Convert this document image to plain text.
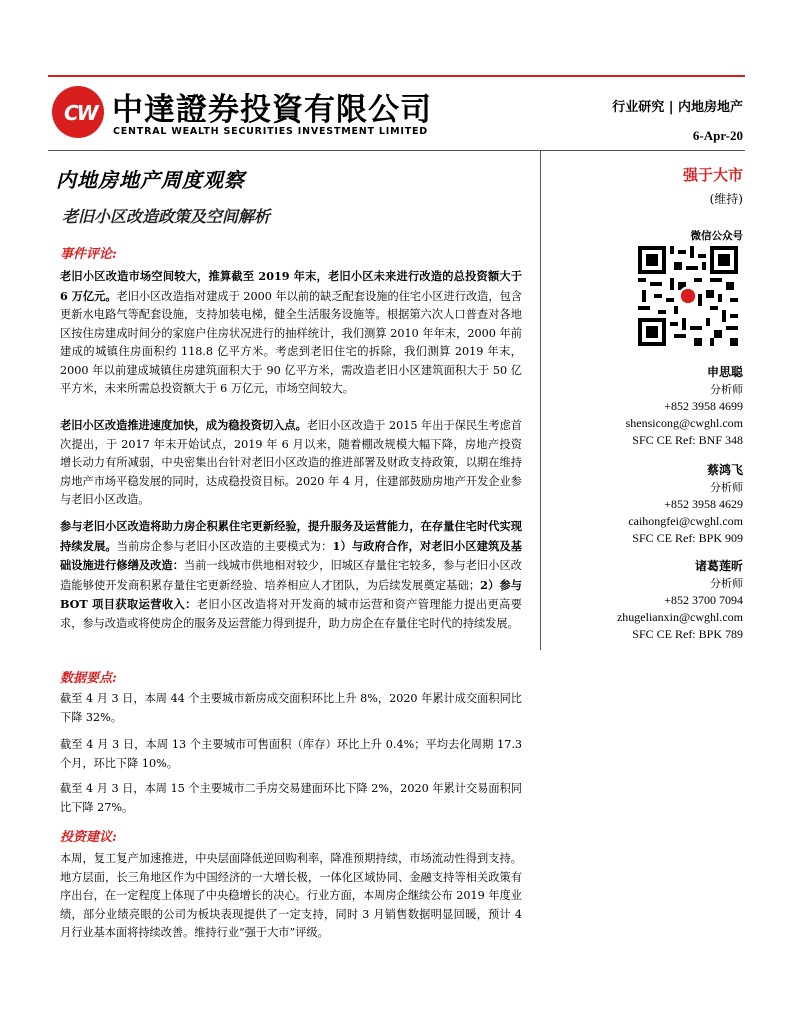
CW 中達證券投資有限公司
CENTRAL WEALTH SECURITIES INVESTMENT LIMITED
行业研究 | 内地房地产
6-Apr-20
内地房地产周度观察
老旧小区改造政策及空间解析
强于大市
(维持)
微信公众号
申思聪
分析师
+852 3958 4699
shensicong@cwghl.com
SFC CE Ref: BNF 348
蔡鸿飞
分析师
+852 3958 4629
caihongfei@cwghl.com
SFC CE Ref: BPK 909
诸葛莲昕
分析师
+852 3700 7094
zhugelianxin@cwghl.com
SFC CE Ref: BPK 789
事件评论:
老旧小区改造市场空间较大，推算截至 2019 年末，老旧小区未来进行改造的总投资额大于 6 万亿元。老旧小区改造指对建成于 2000 年以前的缺乏配套设施的住宅小区进行改造，包含更新水电路气等配套设施，支持加装电梯，健全生活服务设施等。根据第六次人口普查对各地区按住房建成时间分的家庭户住房状况进行的抽样统计，我们测算 2010 年年末，2000 年前建成的城镇住房面积约 118.8 亿平方米。考虑到老旧住宅的拆除，我们测算 2019 年末，2000 年以前建成城镇住房建筑面积大于 90 亿平方米，需改造老旧小区建筑面积大于 50 亿平方米，未来所需总投资额大于 6 万亿元，市场空间较大。
老旧小区改造推进速度加快，成为稳投资切入点。老旧小区改造于 2015 年出于保民生考虑首次提出，于 2017 年末开始试点，2019 年 6 月以来，随着棚改规模大幅下降，房地产投资增长动力有所减弱，中央密集出台针对老旧小区改造的推进部署及财政支持政策，以期在维持房地产市场平稳发展的同时，达成稳投资目标。2020 年 4 月，住建部鼓励房地产开发企业参与老旧小区改造。
参与老旧小区改造将助力房企积累住宅更新经验，提升服务及运营能力，在存量住宅时代实现持续发展。当前房企参与老旧小区改造的主要模式为：1）与政府合作，对老旧小区建筑及基础设施进行修缮及改造：当前一线城市供地相对较少，旧城区存量住宅较多，参与老旧小区改造能够使开发商积累存量住宅更新经验、培养相应人才团队，为后续发展奠定基础；2）参与 BOT 项目获取运营收入：老旧小区改造将对开发商的城市运营和资产管理能力提出更高要求，参与改造或将使房企的服务及运营能力得到提升，助力房企在存量住宅时代的持续发展。
数据要点:
截至 4 月 3 日，本周 44 个主要城市新房成交面积环比上升 8%，2020 年累计成交面积同比下降 32%。
截至 4 月 3 日，本周 13 个主要城市可售面积（库存）环比上升 0.4%；平均去化周期 17.3 个月，环比下降 10%。
截至 4 月 3 日，本周 15 个主要城市二手房交易建面环比下降 2%，2020 年累计交易面积同比下降 27%。
投资建议:
本周，复工复产加速推进，中央层面降低逆回购利率，降准预期持续，市场流动性得到支持。地方层面，长三角地区作为中国经济的一大增长极，一体化区域协同、金融支持等相关政策有序出台，在一定程度上体现了中央稳增长的决心。行业方面，本周房企继续公布 2019 年度业绩，部分业绩亮眼的公司为板块表现提供了一定支持，同时 3 月销售数据明显回暖，预计 4 月行业基本面将持续改善。维持行业“强于大市”评级。
